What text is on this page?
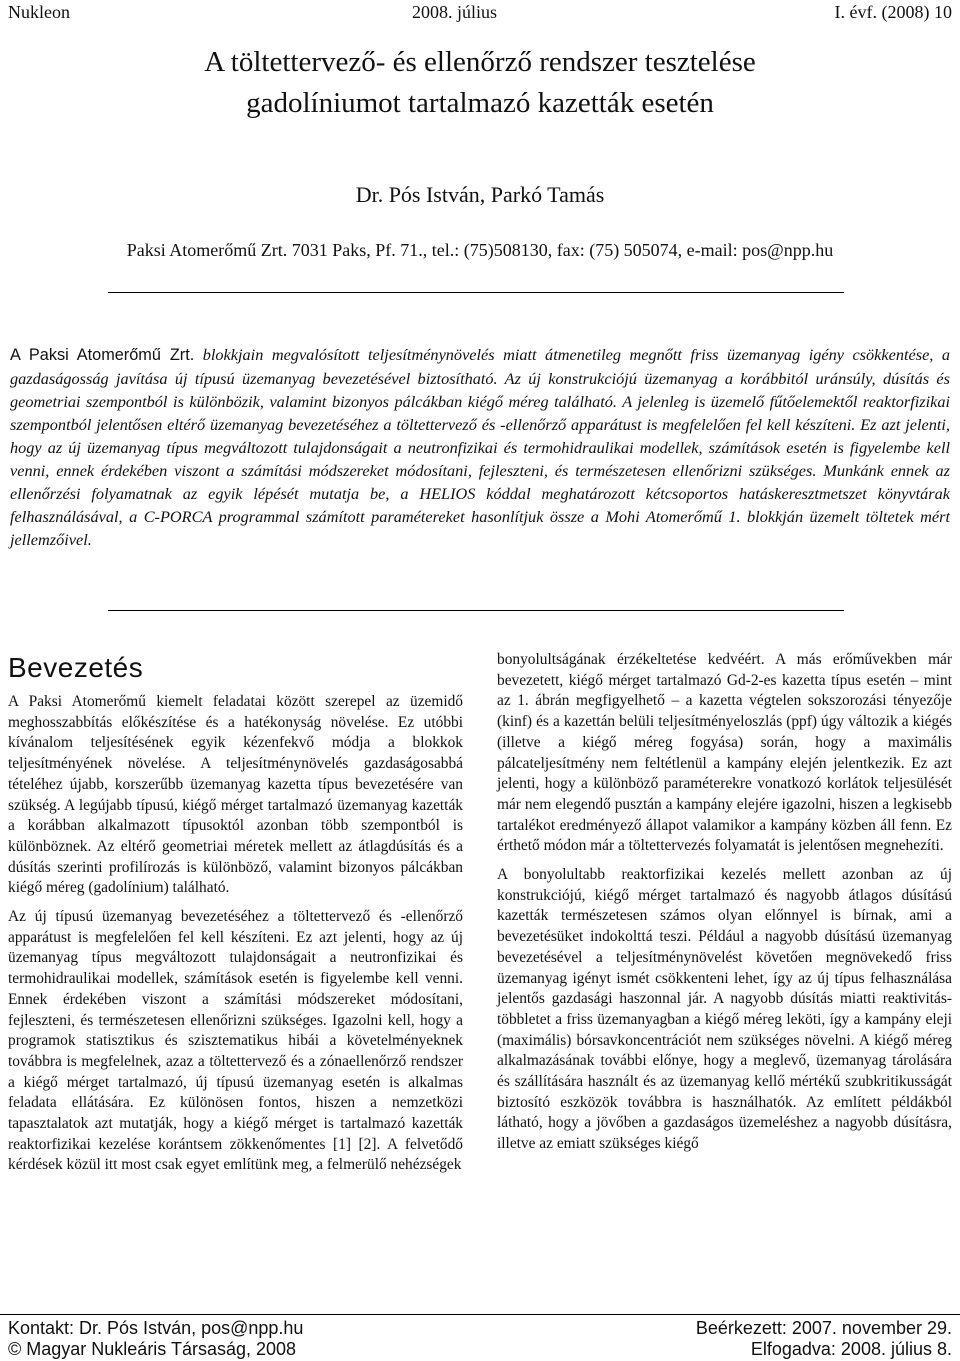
Nukleon	2008. július	I. évf. (2008) 10
A töltettervező- és ellenőrző rendszer tesztelése
gadolíniumot tartalmazó kazetták esetén
Dr. Pós István, Parkó Tamás
Paksi Atomerőmű Zrt. 7031 Paks, Pf. 71., tel.: (75)508130, fax: (75) 505074, e-mail: pos@npp.hu

A Paksi Atomerőmű Zrt. blokkjain megvalósított teljesítménynövelés miatt átmenetileg megnőtt friss üzemanyag igény csökkentése, a gazdaságosság javítása új típusú üzemanyag bevezetésével biztosítható. Az új konstrukciójú üzemanyag a korábbitól uránsúly, dúsítás és geometriai szempontból is különbözik, valamint bizonyos pálcákban kiégő méreg található. A jelenleg is üzemelő fűtőelemektől reaktorfizikai szempontból jelentősen eltérő üzemanyag bevezetéséhez a töltettervező és -ellenőrző apparátust is megfelelően fel kell készíteni. Ez azt jelenti, hogy az új üzemanyag típus megváltozott tulajdonságait a neutronfizikai és termohidraulikai modellek, számítások esetén is figyelembe kell venni, ennek érdekében viszont a számítási módszereket módosítani, fejleszteni, és természetesen ellenőrizni szükséges. Munkánk ennek az ellenőrzési folyamatnak az egyik lépését mutatja be, a HELIOS kóddal meghatározott kétcsoportos hatáskeresztmetszet könyvtárak felhasználásával, a C-PORCA programmal számított paramétereket hasonlítjuk össze a Mohi Atomerőmű 1. blokkján üzemelt töltetek mért jellemzőivel.

Bevezetés

A Paksi Atomerőmű kiemelt feladatai között szerepel az üzemidő meghosszabbítás előkészítése és a hatékonyság növelése. Ez utóbbi kívánalom teljesítésének egyik kézenfekvő módja a blokkok teljesítményének növelése. A teljesítménynövelés gazdaságosabbá tételéhez újabb, korszerűbb üzemanyag kazetta típus bevezetésére van szükség. A legújabb típusú, kiégő mérget tartalmazó üzemanyag kazetták a korábban alkalmazott típusoktól azonban több szempontból is különböznek. Az eltérő geometriai méretek mellett az átlagdúsítás és a dúsítás szerinti profilírozás is különböző, valamint bizonyos pálcákban kiégő méreg (gadolínium) található.

Az új típusú üzemanyag bevezetéséhez a töltettervező és -ellenőrző apparátust is megfelelően fel kell készíteni. Ez azt jelenti, hogy az új üzemanyag típus megváltozott tulajdonságait a neutronfizikai és termohidraulikai modellek, számítások esetén is figyelembe kell venni. Ennek érdekében viszont a számítási módszereket módosítani, fejleszteni, és természetesen ellenőrizni szükséges. Igazolni kell, hogy a programok statisztikus és szisztematikus hibái a követelményeknek továbbra is megfelelnek, azaz a töltettervező és a zónaellenőrző rendszer a kiégő mérget tartalmazó, új típusú üzemanyag esetén is alkalmas feladata ellátására. Ez különösen fontos, hiszen a nemzetközi tapasztalatok azt mutatják, hogy a kiégő mérget is tartalmazó kazetták reaktorfizikai kezelése korántsem zökkenőmentes [1] [2]. A felvetődő kérdések közül itt most csak egyet említünk meg, a felmerülő nehézségek

bonyolultságának érzékeltetése kedvéért. A más erőművekben már bevezetett, kiégő mérget tartalmazó Gd-2-es kazetta típus esetén – mint az 1. ábrán megfigyelhető – a kazetta végtelen sokszorozási tényezője (kinf) és a kazettán belüli teljesítményeloszlás (ppf) úgy változik a kiégés (illetve a kiégő méreg fogyása) során, hogy a maximális pálcateljesítmény nem feltétlenül a kampány elején jelentkezik. Ez azt jelenti, hogy a különböző paraméterekre vonatkozó korlátok teljesülését már nem elegendő pusztán a kampány elejére igazolni, hiszen a legkisebb tartalékot eredményező állapot valamikor a kampány közben áll fenn. Ez érthető módon már a töltettervezés folyamatát is jelentősen megnehezíti.

A bonyolultabb reaktorfizikai kezelés mellett azonban az új konstrukciójú, kiégő mérget tartalmazó és nagyobb átlagos dúsítású kazetták természetesen számos olyan előnnyel is bírnak, ami a bevezetésüket indokolttá teszi. Például a nagyobb dúsítású üzemanyag bevezetésével a teljesítménynövelést követően megnövekedő friss üzemanyag igényt ismét csökkenteni lehet, így az új típus felhasználása jelentős gazdasági haszonnal jár. A nagyobb dúsítás miatti reaktivitás-többletet a friss üzemanyagban a kiégő méreg leköti, így a kampány eleji (maximális) bórsavkoncentrációt nem szükséges növelni. A kiégő méreg alkalmazásának további előnye, hogy a meglevő, üzemanyag tárolására és szállítására használt és az üzemanyag kellő mértékű szubkritikusságát biztosító eszközök továbbra is használhatók. Az említett példákból látható, hogy a jövőben a gazdaságos üzemeléshez a nagyobb dúsításra, illetve az emiatt szükséges kiégő

Kontakt: Dr. Pós István, pos@npp.hu
© Magyar Nukleáris Társaság, 2008
Beérkezett: 2007. november 29.
Elfogadva: 2008. július 8.
